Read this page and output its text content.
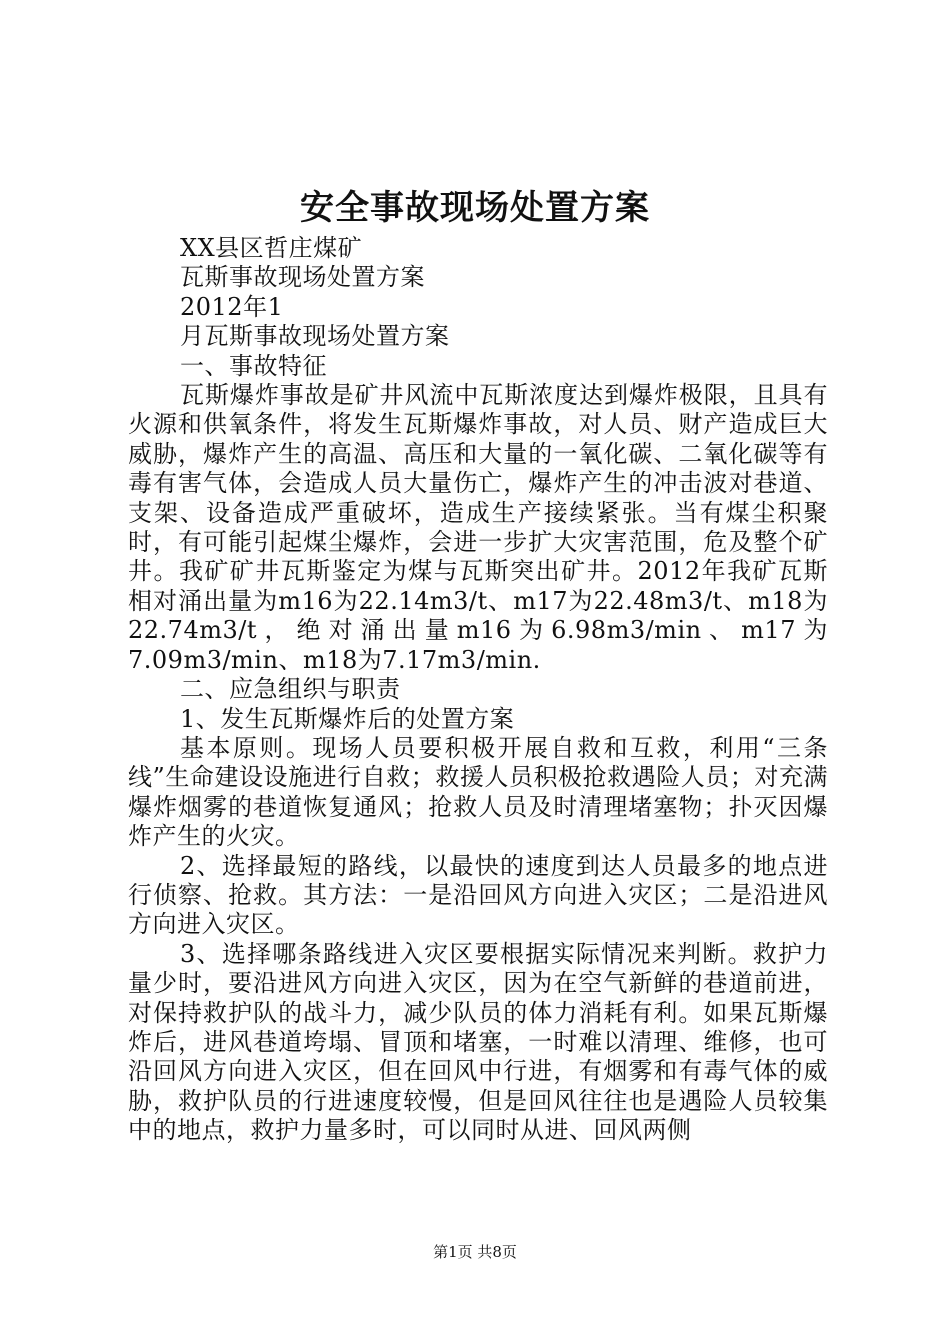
安全事故现场处置方案

XX县区哲庄煤矿

瓦斯事故现场处置方案

2012年1

月瓦斯事故现场处置方案

一、事故特征

瓦斯爆炸事故是矿井风流中瓦斯浓度达到爆炸极限，且具有火源和供氧条件，将发生瓦斯爆炸事故，对人员、财产造成巨大威胁，爆炸产生的高温、高压和大量的一氧化碳、二氧化碳等有毒有害气体，会造成人员大量伤亡，爆炸产生的冲击波对巷道、支架、设备造成严重破坏，造成生产接续紧张。当有煤尘积聚时，有可能引起煤尘爆炸，会进一步扩大灾害范围，危及整个矿井。我矿矿井瓦斯鉴定为煤与瓦斯突出矿井。2012年我矿瓦斯相对涌出量为m16为22.14m3/t、m17为22.48m3/t、m18为22.74m3/t，绝对涌出量m16为6.98m3/min、m17为7.09m3/min、m18为7.17m3/min.

二、应急组织与职责

1、发生瓦斯爆炸后的处置方案

基本原则。现场人员要积极开展自救和互救，利用“三条线”生命建设设施进行自救；救援人员积极抢救遇险人员；对充满爆炸烟雾的巷道恢复通风；抢救人员及时清理堵塞物；扑灭因爆炸产生的火灾。

2、选择最短的路线，以最快的速度到达人员最多的地点进行侦察、抢救。其方法：一是沿回风方向进入灾区；二是沿进风方向进入灾区。

3、选择哪条路线进入灾区要根据实际情况来判断。救护力量少时，要沿进风方向进入灾区，因为在空气新鲜的巷道前进，对保持救护队的战斗力，减少队员的体力消耗有利。如果瓦斯爆炸后，进风巷道垮塌、冒顶和堵塞，一时难以清理、维修，也可沿回风方向进入灾区，但在回风中行进，有烟雾和有毒气体的威胁，救护队员的行进速度较慢，但是回风往往也是遇险人员较集中的地点，救护力量多时，可以同时从进、回风两侧

第1页 共8页
